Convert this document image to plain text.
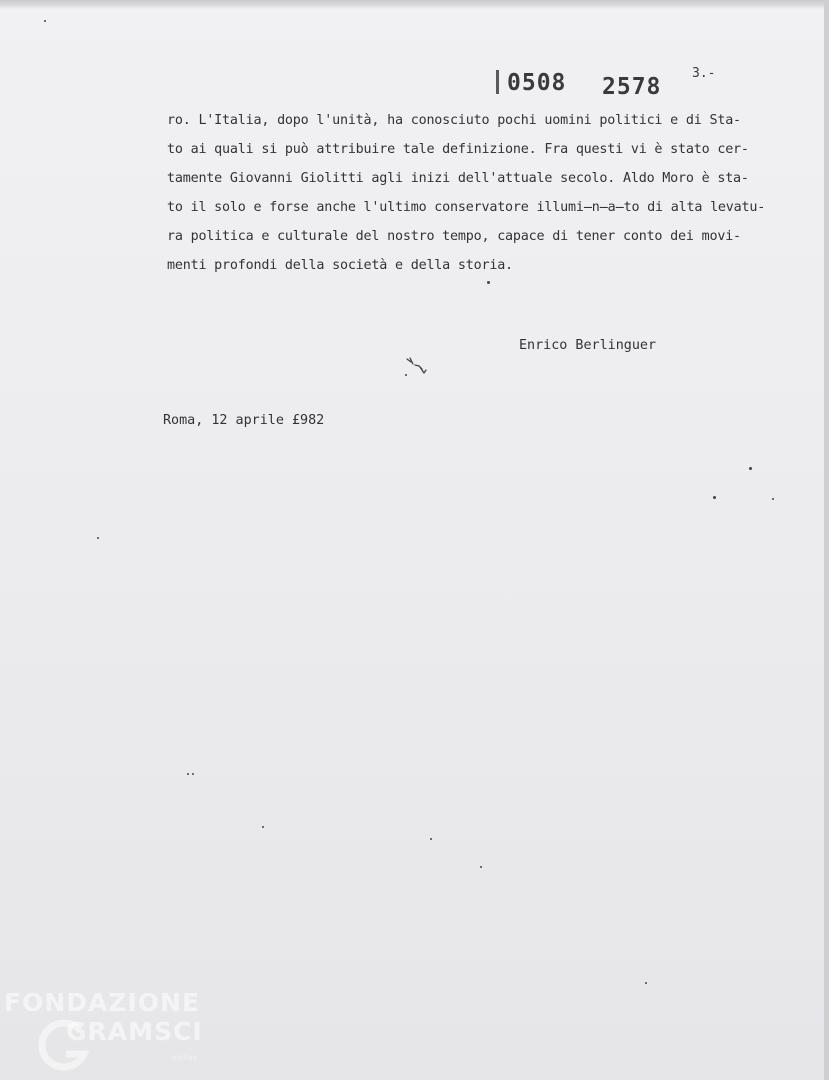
0508 2578
3.-
ro. L'Italia, dopo l'unità, ha conosciuto pochi uomini politici e di Sta-
to ai quali si può attribuire tale definizione. Fra questi vi è stato cer-
tamente Giovanni Giolitti agli inizi dell'attuale secolo. Aldo Moro è sta-
to il solo e forse anche l'ultimo conservatore illumi̶n̶a̶to di alta levatu-
ra politica e culturale del nostro tempo, capace di tener conto dei movi-
menti profondi della società e della storia.
Enrico Berlinguer
Roma, 12 aprile £982
FONDAZIONE
GRAMSCI
onlus
